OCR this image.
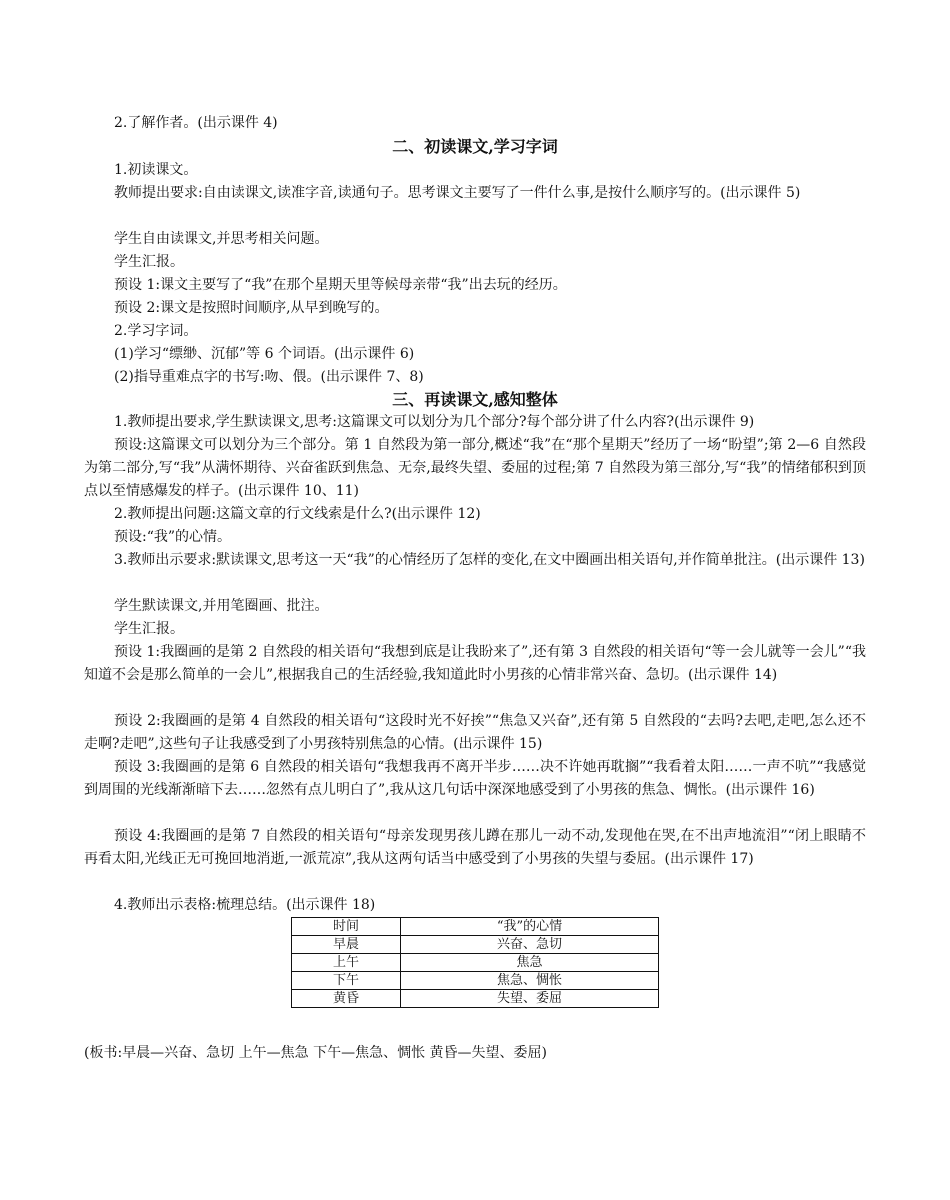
2.了解作者。(出示课件 4)

二、初读课文,学习字词

1.初读课文。

教师提出要求:自由读课文,读准字音,读通句子。思考课文主要写了一件什么事,是按什么顺序写的。(出示课件 5)

学生自由读课文,并思考相关问题。

学生汇报。

预设 1:课文主要写了“我”在那个星期天里等候母亲带“我”出去玩的经历。

预设 2:课文是按照时间顺序,从早到晚写的。

2.学习字词。

(1)学习“缥缈、沉郁”等 6 个词语。(出示课件 6)

(2)指导重难点字的书写:吻、偎。(出示课件 7、8)

三、再读课文,感知整体

1.教师提出要求,学生默读课文,思考:这篇课文可以划分为几个部分?每个部分讲了什么内容?(出示课件 9)

预设:这篇课文可以划分为三个部分。第 1 自然段为第一部分,概述“我”在“那个星期天”经历了一场“盼望”;第 2—6 自然段为第二部分,写“我”从满怀期待、兴奋雀跃到焦急、无奈,最终失望、委屈的过程;第 7 自然段为第三部分,写“我”的情绪郁积到顶点以至情感爆发的样子。(出示课件 10、11)

2.教师提出问题:这篇文章的行文线索是什么?(出示课件 12)

预设:“我”的心情。

3.教师出示要求:默读课文,思考这一天“我”的心情经历了怎样的变化,在文中圈画出相关语句,并作简单批注。(出示课件 13)

学生默读课文,并用笔圈画、批注。

学生汇报。

预设 1:我圈画的是第 2 自然段的相关语句“我想到底是让我盼来了”,还有第 3 自然段的相关语句“等一会儿就等一会儿”“我知道不会是那么简单的一会儿”,根据我自己的生活经验,我知道此时小男孩的心情非常兴奋、急切。(出示课件 14)

预设 2:我圈画的是第 4 自然段的相关语句“这段时光不好挨”“焦急又兴奋”,还有第 5 自然段的“去吗?去吧,走吧,怎么还不走啊?走吧”,这些句子让我感受到了小男孩特别焦急的心情。(出示课件 15)

预设 3:我圈画的是第 6 自然段的相关语句“我想我再不离开半步……决不许她再耽搁”“我看着太阳……一声不吭”“我感觉到周围的光线渐渐暗下去……忽然有点儿明白了”,我从这几句话中深深地感受到了小男孩的焦急、惆怅。(出示课件 16)

预设 4:我圈画的是第 7 自然段的相关语句“母亲发现男孩儿蹲在那儿一动不动,发现他在哭,在不出声地流泪”“闭上眼睛不再看太阳,光线正无可挽回地消逝,一派荒凉”,我从这两句话当中感受到了小男孩的失望与委屈。(出示课件 17)

4.教师出示表格:梳理总结。(出示课件 18)

时间	“我”的心情
早晨	兴奋、急切
上午	焦急
下午	焦急、惆怅
黄昏	失望、委屈

(板书:早晨—兴奋、急切 上午—焦急 下午—焦急、惆怅 黄昏—失望、委屈)
